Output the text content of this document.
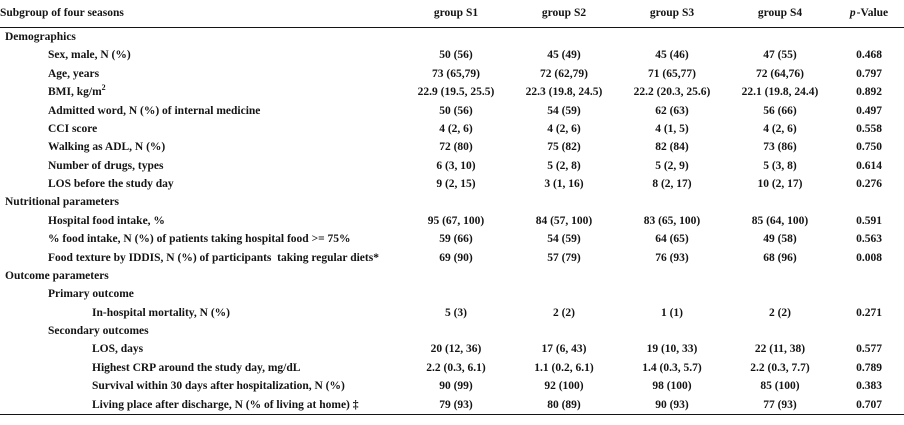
Subgroup of four seasons	group S1	group S2	group S3	group S4	p-Value
Demographics					
Sex, male, N (%)	50 (56)	45 (49)	45 (46)	47 (55)	0.468
Age, years	73 (65,79)	72 (62,79)	71 (65,77)	72 (64,76)	0.797
BMI, $kg/m^2$	22.9 (19.5, 25.5)	22.3 (19.8, 24.5)	22.2 (20.3, 25.6)	22.1 (19.8, 24.4)	0.892
Admitted word, N (%) of internal medicine	50 (56)	54 (59)	62 (63)	56 (66)	0.497
CCI score	4 (2, 6)	4 (2, 6)	4 (1, 5)	4 (2, 6)	0.558
Walking as ADL, N (%)	72 (80)	75 (82)	82 (84)	73 (86)	0.750
Number of drugs, types	6 (3, 10)	5 (2, 8)	5 (2, 9)	5 (3, 8)	0.614
LOS before the study day	9 (2, 15)	3 (1, 16)	8 (2, 17)	10 (2, 17)	0.276
Nutritional parameters					
Hospital food intake, %	95 (67, 100)	84 (57, 100)	83 (65, 100)	85 (64, 100)	0.591
% food intake, N (%) of patients taking hospital food >= 75%	59 (66)	54 (59)	64 (65)	49 (58)	0.563
Food texture by IDDIS, N (%) of participants  taking regular diets*	69 (90)	57 (79)	76 (93)	68 (96)	0.008
Outcome parameters					
Primary outcome					
In-hospital mortality, N (%)	5 (3)	2 (2)	1 (1)	2 (2)	0.271
Secondary outcomes					
LOS, days	20 (12, 36)	17 (6, 43)	19 (10, 33)	22 (11, 38)	0.577
Highest CRP around the study day, mg/dL	2.2 (0.3, 6.1)	1.1 (0.2, 6.1)	1.4 (0.3, 5.7)	2.2 (0.3, 7.7)	0.789
Survival within 30 days after hospitalization, N (%)	90 (99)	92 (100)	98 (100)	85 (100)	0.383
Living place after discharge, N (% of living at home) ‡	79 (93)	80 (89)	90 (93)	77 (93)	0.707
